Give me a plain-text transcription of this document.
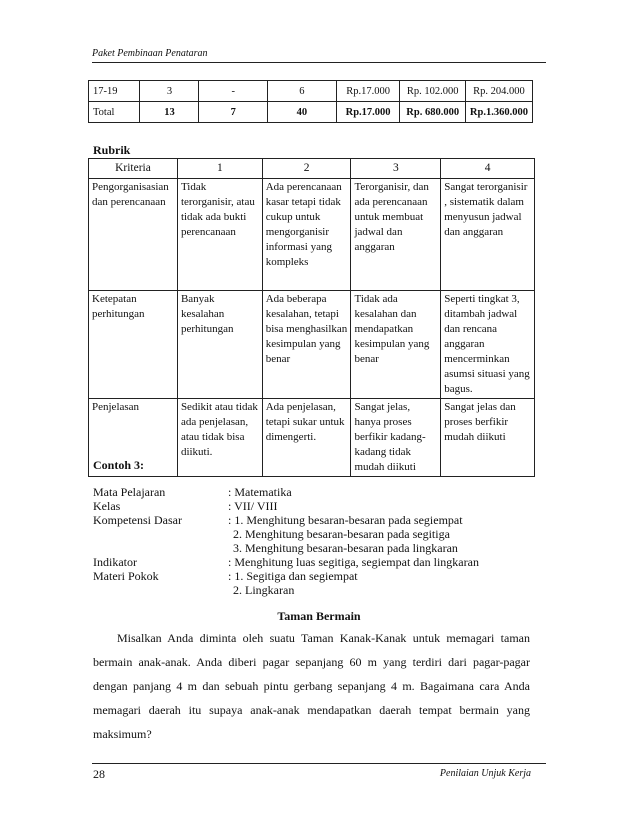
Paket Pembinaan Penataran
17-19	3	-	6	Rp.17.000	Rp. 102.000	Rp. 204.000
Total	13	7	40	Rp.17.000	Rp. 680.000	Rp.1.360.000
Rubrik
Kriteria	1	2	3	4
Pengorganisasian dan perencanaan	Tidak terorganisir, atau tidak ada bukti perencanaan	Ada perencanaan kasar tetapi tidak cukup untuk mengorganisir informasi yang kompleks	Terorganisir, dan ada perencanaan untuk membuat jadwal dan anggaran	Sangat terorganisir , sistematik dalam menyusun jadwal dan anggaran
Ketepatan perhitungan	Banyak kesalahan perhitungan	Ada beberapa kesalahan, tetapi bisa menghasilkan kesimpulan yang benar	Tidak ada kesalahan dan mendapatkan kesimpulan yang benar	Seperti tingkat 3, ditambah jadwal dan rencana anggaran mencerminkan asumsi situasi yang bagus.
Penjelasan	Sedikit atau tidak ada penjelasan, atau tidak bisa diikuti.	Ada penjelasan, tetapi sukar untuk dimengerti.	Sangat jelas, hanya proses berfikir kadang-kadang tidak mudah diikuti	Sangat jelas dan proses berfikir mudah diikuti
Contoh 3:
Mata Pelajaran	: Matematika
Kelas	: VII/ VIII
Kompetensi Dasar	: 1. Menghitung besaran-besaran pada segiempat
2. Menghitung besaran-besaran pada segitiga
3. Menghitung besaran-besaran pada lingkaran
Indikator	: Menghitung luas segitiga, segiempat dan lingkaran
Materi Pokok	: 1. Segitiga dan segiempat
2. Lingkaran
Taman Bermain
Misalkan Anda diminta oleh suatu Taman Kanak-Kanak untuk memagari taman bermain anak-anak. Anda diberi pagar sepanjang 60 m yang terdiri dari pagar-pagar dengan panjang 4 m dan sebuah pintu gerbang sepanjang 4 m. Bagaimana cara Anda memagari daerah itu supaya anak-anak mendapatkan daerah tempat bermain yang maksimum?
28	Penilaian Unjuk Kerja
